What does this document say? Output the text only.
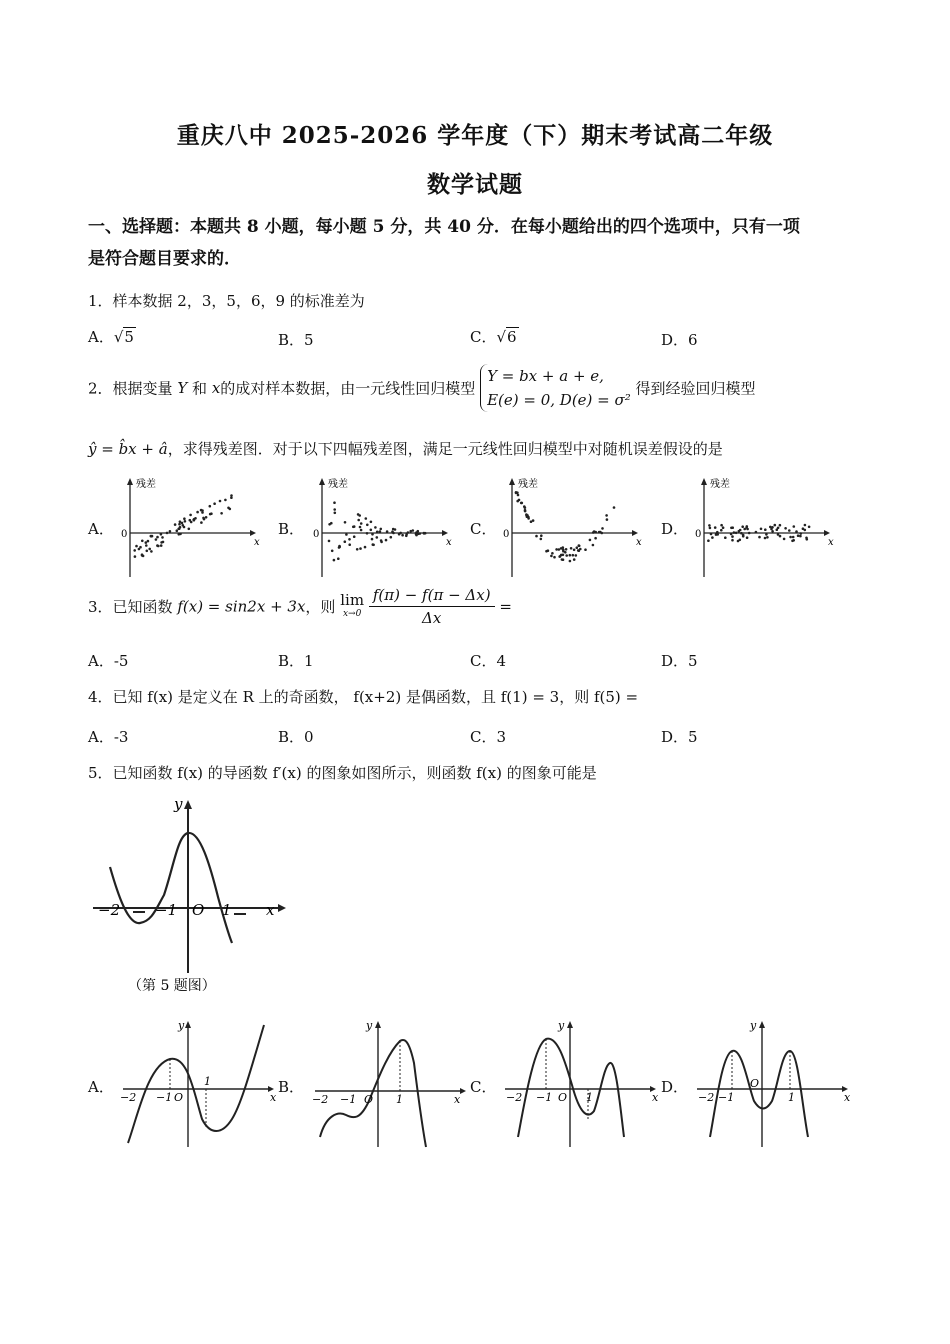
重庆八中 2025-2026 学年度（下）期末考试高二年级
数学试题
一、选择题：本题共 8 小题，每小题 5 分，共 40 分．在每小题给出的四个选项中，只有一项
是符合题目要求的．
1．样本数据 2，3，5，6，9 的标准差为
A．√5	B．5	C．√6	D．6
2．根据变量 Y 和 x的成对样本数据，由一元线性回归模型
Y = bx + a + e,
E(e) = 0, D(e) = σ²
得到经验回归模型
ŷ = b̂x + â，求得残差图．对于以下四幅残差图，满足一元线性回归模型中对随机误差假设的是
残差
x
0
残差
x
0
残差
x
0
残差
x
0
A．	B．	C．	D．
3．已知函数 f(x) = sin2x + 3x，则 lim
x→0
$\frac{f(\pi) - f(\pi - \Delta x)}{\Delta x}$ =
A．-5	B．1	C．4	D．5
4．已知 f(x) 是定义在 R 上的奇函数， f(x+2) 是偶函数，且 f(1) = 3，则 f(5) =
A．-3	B．0	C．3	D．5
5．已知函数 f(x) 的导函数 f′(x) 的图象如图所示，则函数 f(x) 的图象可能是
−2 −1 O 1 x
y
（第 5 题图）
−2 −1 O
1
x
y
−2 −1 O 1	x
y
−2 −1 O 1	x
y
−2 −1
O
1	x
y
A．	B．	C．	D．
